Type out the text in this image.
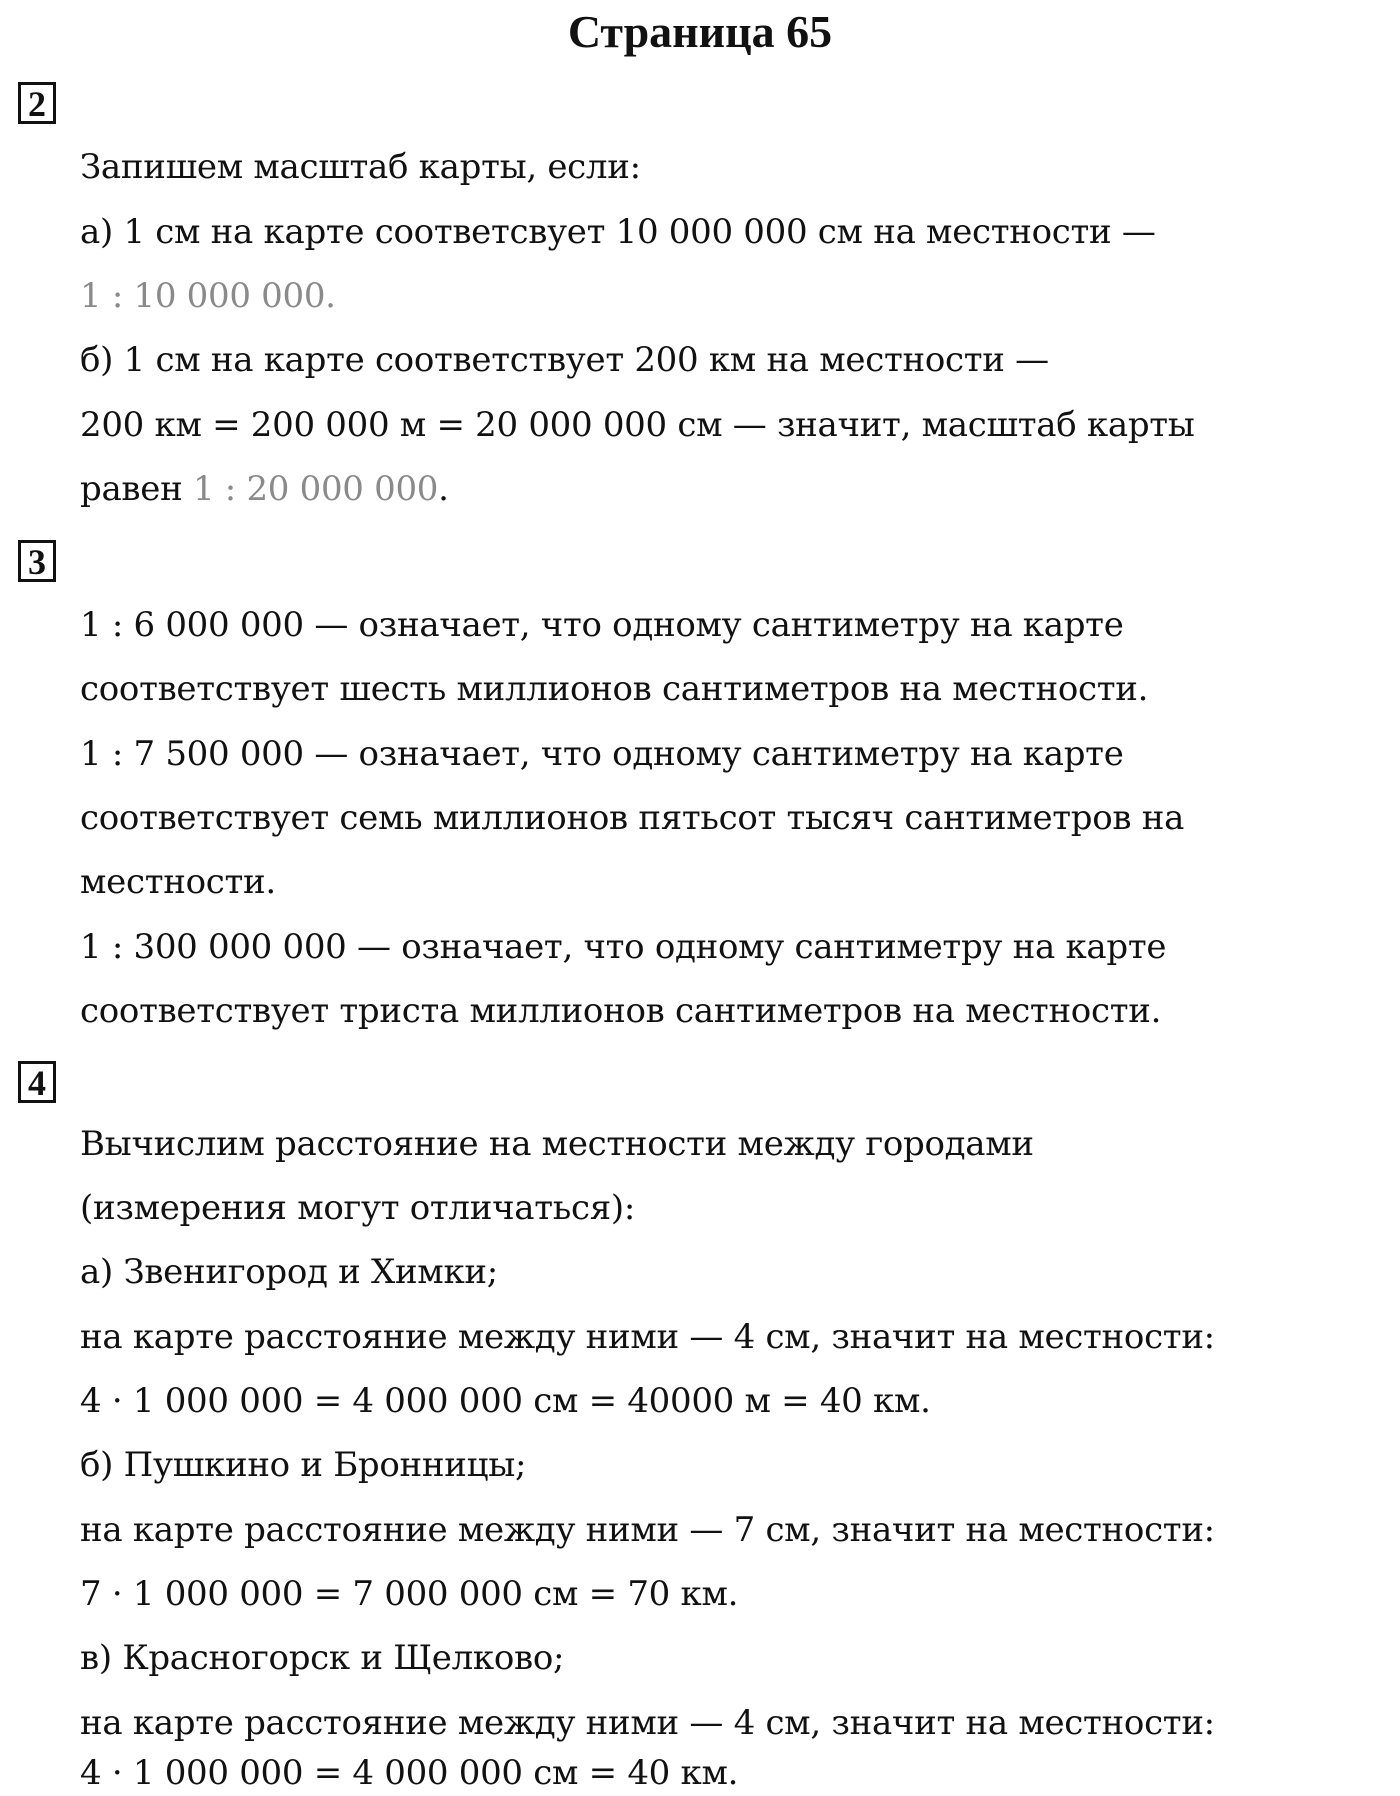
Страница 65
2
Запишем масштаб карты, если:
а) 1 см на карте соответсвует 10 000 000 см на местности —
1 : 10 000 000.
б) 1 см на карте соответствует 200 км на местности —
200 км = 200 000 м = 20 000 000 см — значит, масштаб карты
равен 1 : 20 000 000.
3
1 : 6 000 000 — означает, что одному сантиметру на карте
соответствует шесть миллионов сантиметров на местности.
1 : 7 500 000 — означает, что одному сантиметру на карте
соответствует семь миллионов пятьсот тысяч сантиметров на
местности.
1 : 300 000 000 — означает, что одному сантиметру на карте
соответствует триста миллионов сантиметров на местности.
4
Вычислим расстояние на местности между городами
(измерения могут отличаться):
а) Звенигород и Химки;
на карте расстояние между ними — 4 см, значит на местности:
4 · 1 000 000 = 4 000 000 см = 40000 м = 40 км.
б) Пушкино и Бронницы;
на карте расстояние между ними — 7 см, значит на местности:
7 · 1 000 000 = 7 000 000 см = 70 км.
в) Красногорск и Щелково;
на карте расстояние между ними — 4 см, значит на местности:
4 · 1 000 000 = 4 000 000 см = 40 км.
